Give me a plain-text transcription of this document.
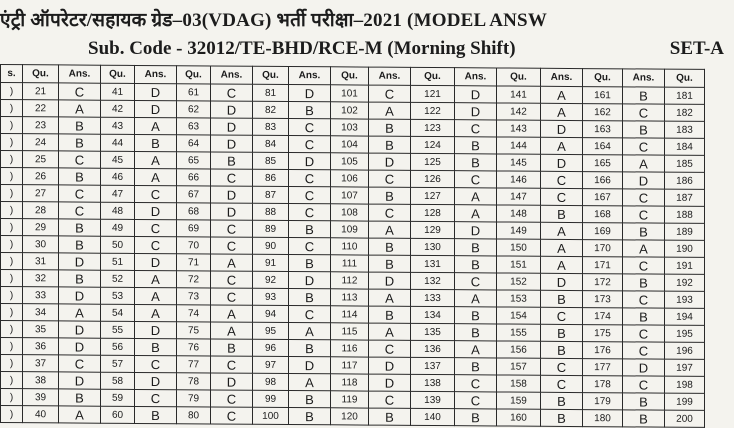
एंट्री ऑपरेटर/सहायक ग्रेड–03(VDAG) भर्ती परीक्षा–2021 (MODEL ANSW
Sub. Code - 32012/TE-BHD/RCE-M (Morning Shift)	SET-A
s.	Qu.	Ans.	Qu.	Ans.	Qu.	Ans.	Qu.	Ans.	Qu.	Ans.	Qu.	Ans.	Qu.	Ans.	Qu.	Ans.	Qu.
)	21	C	41	D	61	C	81	D	101	C	121	D	141	A	161	B	181
)	22	A	42	D	62	D	82	B	102	A	122	D	142	A	162	C	182
)	23	B	43	A	63	D	83	C	103	B	123	C	143	D	163	B	183
)	24	B	44	B	64	D	84	C	104	B	124	B	144	A	164	C	184
)	25	C	45	A	65	B	85	D	105	D	125	B	145	D	165	A	185
)	26	B	46	A	66	C	86	C	106	C	126	C	146	C	166	D	186
)	27	C	47	C	67	D	87	C	107	B	127	A	147	C	167	C	187
)	28	C	48	D	68	D	88	C	108	C	128	A	148	B	168	C	188
)	29	B	49	C	69	C	89	B	109	A	129	D	149	A	169	B	189
)	30	B	50	C	70	C	90	C	110	B	130	B	150	A	170	A	190
)	31	D	51	D	71	A	91	B	111	B	131	B	151	A	171	C	191
)	32	B	52	A	72	C	92	D	112	D	132	C	152	D	172	B	192
)	33	D	53	A	73	C	93	B	113	A	133	A	153	B	173	C	193
)	34	A	54	A	74	A	94	C	114	B	134	B	154	C	174	B	194
)	35	D	55	D	75	A	95	A	115	A	135	B	155	B	175	C	195
)	36	D	56	B	76	B	96	B	116	C	136	A	156	B	176	C	196
)	37	C	57	C	77	C	97	D	117	D	137	B	157	C	177	D	197
)	38	D	58	D	78	D	98	A	118	D	138	C	158	C	178	C	198
)	39	B	59	C	79	C	99	B	119	C	139	C	159	B	179	B	199
)	40	A	60	B	80	C	100	B	120	B	140	B	160	B	180	B	200
